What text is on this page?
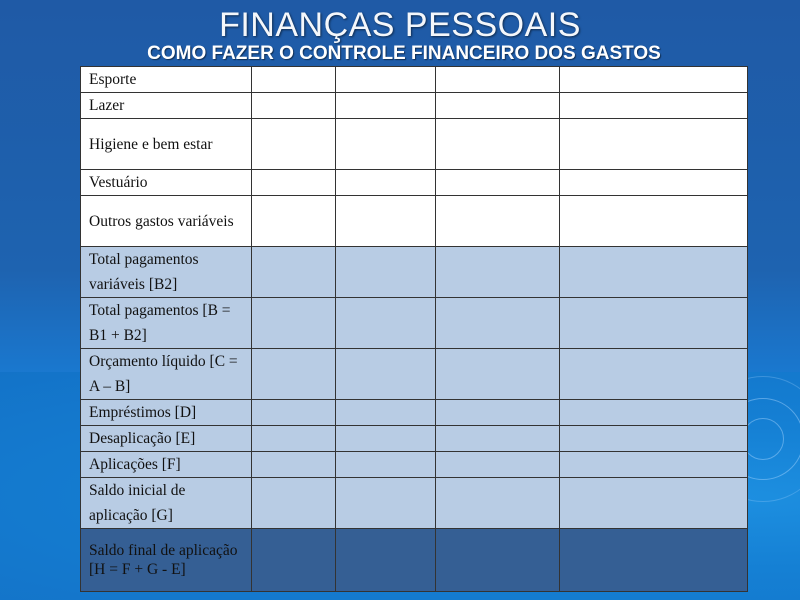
FINANÇAS PESSOAIS
COMO FAZER O CONTROLE FINANCEIRO DOS GASTOS
Esporte				
Lazer				
Higiene e bem estar				
Vestuário				
Outros gastos variáveis				
Total pagamentos variáveis [B2]				
Total pagamentos [B = B1 + B2]				
Orçamento líquido [C = A – B]				
Empréstimos [D]				
Desaplicação [E]				
Aplicações [F]				
Saldo inicial de aplicação [G]				
Saldo final de aplicação [H = F + G - E]				
